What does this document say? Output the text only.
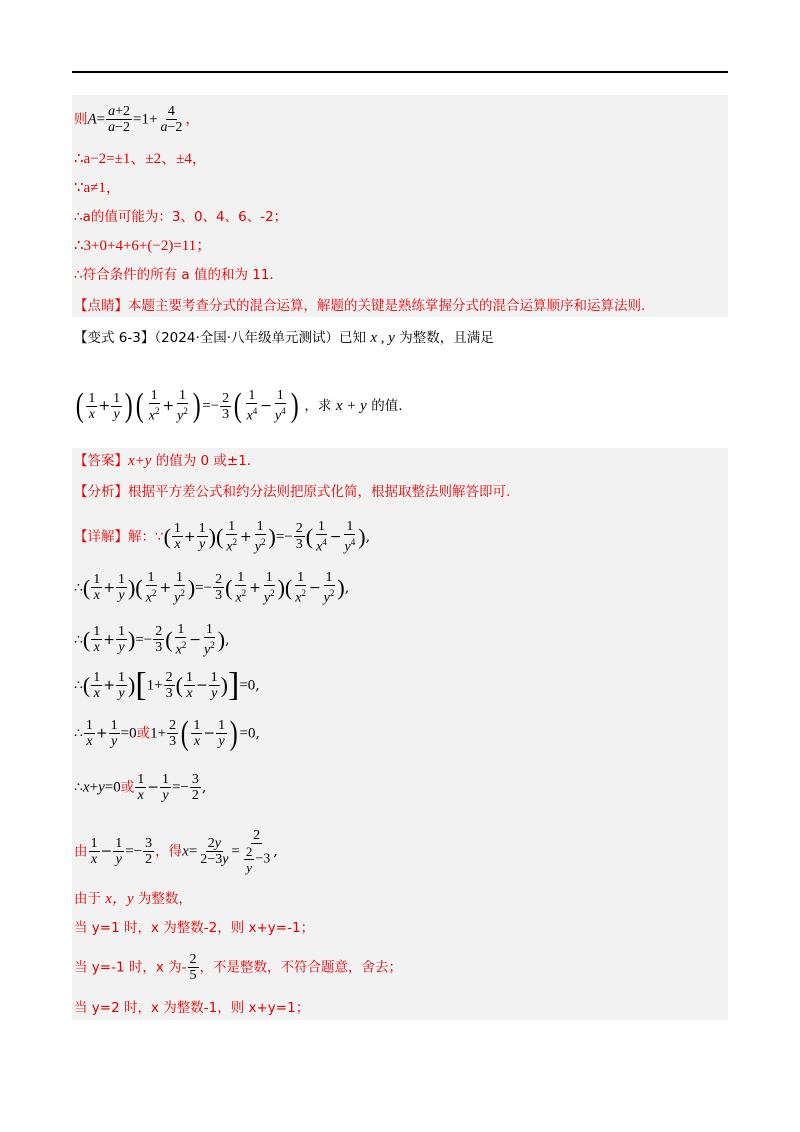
则$A= \frac{a+2}{a-2} =1+ \frac{4}{a-2}$ ，
∴a−2=±1、±2、±4，
∵a≠1，
∴a的值可能为：3、0、4、6、-2；
∴3+0+4+6+(−2)=11；
∴符合条件的所有 a 值的和为 11．
【点睛】本题主要考查分式的混合运算，解题的关键是熟练掌握分式的混合运算顺序和运算法则．
【变式 6-3】（2024·全国·八年级单元测试）已知 x , y 为整数，且满足
( $\frac{1}{x} + \frac{1}{y}$ )( $\frac{1}{x^2} + \frac{1}{y^2}$ ) =− $\frac{2}{3}$ ( $\frac{1}{x^4} - \frac{1}{y^4}$ ) ，求 x + y 的值.
【答案】x+y 的值为 0 或±1.
【分析】根据平方差公式和约分法则把原式化简，根据取整法则解答即可.
【详解】解：∵( $\frac{1}{x} + \frac{1}{y}$ )( $\frac{1}{x^2} + \frac{1}{y^2}$ )=− $\frac{2}{3}$ ( $\frac{1}{x^4} - \frac{1}{y^4}$ ),
∴( $\frac{1}{x} + \frac{1}{y}$ )( $\frac{1}{x^2} + \frac{1}{y^2}$ )=− $\frac{2}{3}$ ( $\frac{1}{x^2} + \frac{1}{y^2}$ )( $\frac{1}{x^2} - \frac{1}{y^2}$ ),
∴( $\frac{1}{x} + \frac{1}{y}$ )=− $\frac{2}{3}$ ( $\frac{1}{x^2} - \frac{1}{y^2}$ ),
∴( $\frac{1}{x} + \frac{1}{y} )[1+ \frac{2}{3}$ ( $\frac{1}{x} - \frac{1}{y} )]=0$,
∴ $\frac{1}{x} + \frac{1}{y} =0$或$1+ \frac{2}{3}$ ( $\frac{1}{x} - \frac{1}{y}$ ) =0,
∴x+y=0或 $\frac{1}{x} - \frac{1}{y} =- \frac{3}{2}$ ,
由 $\frac{1}{x} - \frac{1}{y} =- \frac{3}{2}$ ，得$x= \frac{2y}{2-3y} = \frac{2}{\frac{2}{y} -3}$ ,
由于 x，y 为整数，
当 y=1 时，x 为整数-2，则 x+y=-1；
当 y=-1 时，x 为- $\frac{2}{5}$ ，不是整数，不符合题意，舍去；
当 y=2 时，x 为整数-1，则 x+y=1；
